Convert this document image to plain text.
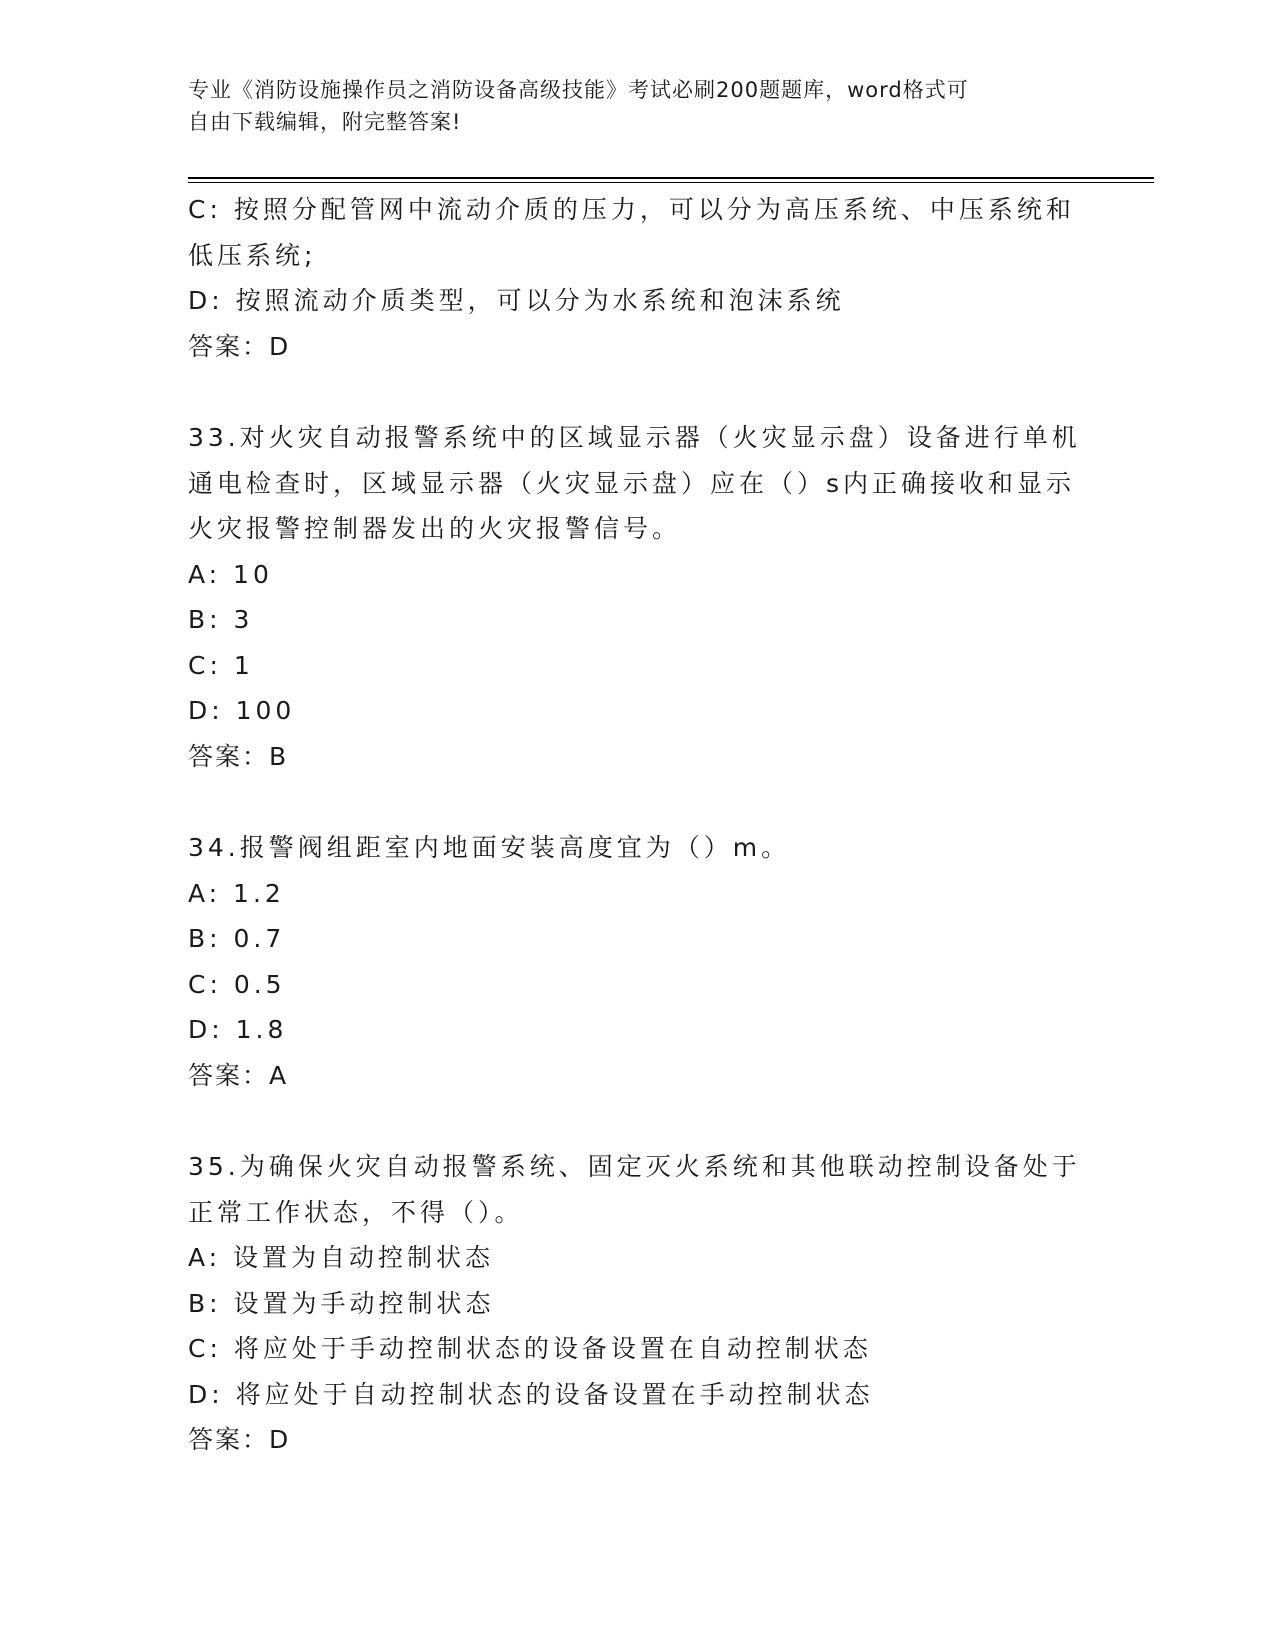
专业《消防设施操作员之消防设备高级技能》考试必刷200题题库，word格式可
自由下载编辑，附完整答案!
C: 按照分配管网中流动介质的压力，可以分为高压系统、中压系统和
低压系统;
D: 按照流动介质类型，可以分为水系统和泡沫系统
答案：D
33.对火灾自动报警系统中的区域显示器（火灾显示盘）设备进行单机
通电检查时，区域显示器（火灾显示盘）应在（）s内正确接收和显示
火灾报警控制器发出的火灾报警信号。
A: 10
B: 3
C: 1
D: 100
答案：B
34.报警阀组距室内地面安装高度宜为（）m。
A: 1.2
B: 0.7
C: 0.5
D: 1.8
答案：A
35.为确保火灾自动报警系统、固定灭火系统和其他联动控制设备处于
正常工作状态，不得（）。
A: 设置为自动控制状态
B: 设置为手动控制状态
C: 将应处于手动控制状态的设备设置在自动控制状态
D: 将应处于自动控制状态的设备设置在手动控制状态
答案：D
